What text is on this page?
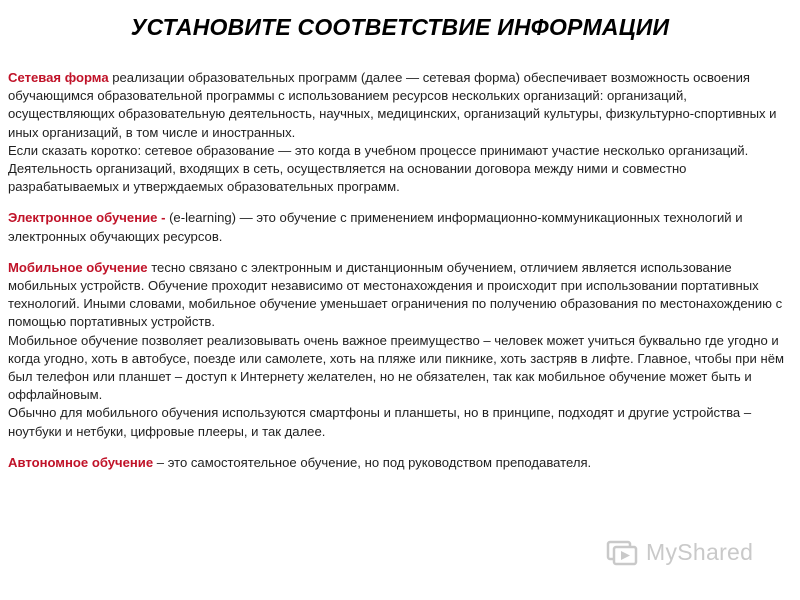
УСТАНОВИТЕ СООТВЕТСТВИЕ ИНФОРМАЦИИ
Сетевая форма реализации образовательных программ (далее — сетевая форма) обеспечивает возможность освоения обучающимся образовательной программы с использованием ресурсов нескольких организаций: организаций, осуществляющих образовательную деятельность, научных, медицинских, организаций культуры, физкультурно-спортивных и иных организаций, в том числе и иностранных.
Если сказать коротко: сетевое образование — это когда в учебном процессе принимают участие несколько организаций.
Деятельность организаций, входящих в сеть, осуществляется на основании договора между ними и совместно разрабатываемых и утверждаемых образовательных программ.
Электронное обучение - (e-learning) — это обучение с применением информационно-коммуникационных технологий и электронных обучающих ресурсов.
Мобильное обучение тесно связано с электронным и дистанционным обучением, отличием является использование мобильных устройств. Обучение проходит независимо от местонахождения и происходит при использовании портативных технологий. Иными словами, мобильное обучение уменьшает ограничения по получению образования по местонахождению с помощью портативных устройств.
Мобильное обучение позволяет реализовывать очень важное преимущество – человек может учиться буквально где угодно и когда угодно, хоть в автобусе, поезде или самолете, хоть на пляже или пикнике, хоть застряв в лифте. Главное, чтобы при нём был телефон или планшет – доступ к Интернету желателен, но не обязателен, так как мобильное обучение может быть и оффлайновым.
Обычно для мобильного обучения используются смартфоны и планшеты, но в принципе, подходят и другие устройства – ноутбуки и нетбуки, цифровые плееры, и так далее.
Автономное обучение – это самостоятельное обучение, но под руководством преподавателя.
MyShared
